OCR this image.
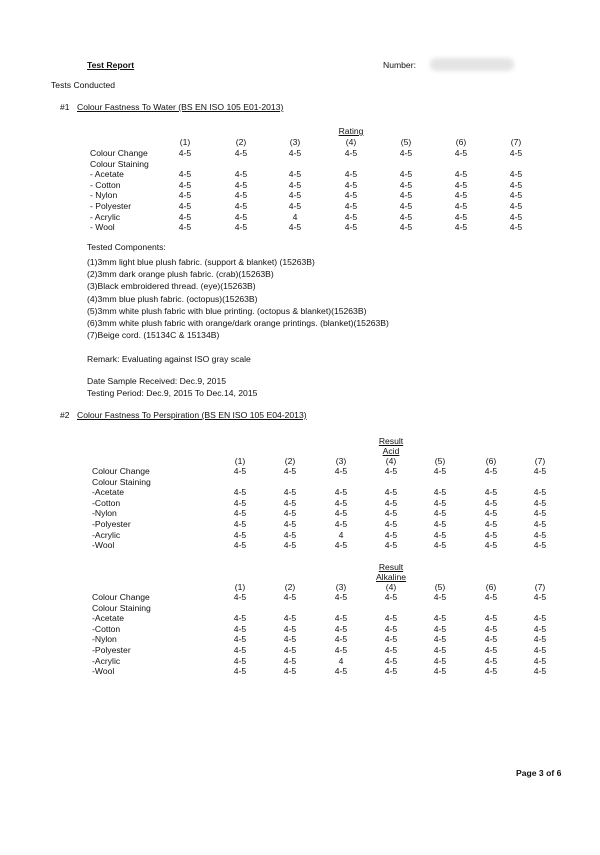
Test Report	Number:
Tests Conducted
#1 Colour Fastness To Water (BS EN ISO 105 E01-2013)
Rating
(1)	(2)	(3)	(4)	(5)	(6)	(7)
Colour Change	4-5	4-5	4-5	4-5	4-5	4-5	4-5
Colour Staining
- Acetate	4-5	4-5	4-5	4-5	4-5	4-5	4-5
- Cotton	4-5	4-5	4-5	4-5	4-5	4-5	4-5
- Nylon	4-5	4-5	4-5	4-5	4-5	4-5	4-5
- Polyester	4-5	4-5	4-5	4-5	4-5	4-5	4-5
- Acrylic	4-5	4-5	4	4-5	4-5	4-5	4-5
- Wool	4-5	4-5	4-5	4-5	4-5	4-5	4-5
Tested Components:
(1)3mm light blue plush fabric. (support & blanket) (15263B)
(2)3mm dark orange plush fabric. (crab)(15263B)
(3)Black embroidered thread. (eye)(15263B)
(4)3mm blue plush fabric. (octopus)(15263B)
(5)3mm white plush fabric with blue printing. (octopus & blanket)(15263B)
(6)3mm white plush fabric with orange/dark orange printings. (blanket)(15263B)
(7)Beige cord. (15134C & 15134B)
Remark: Evaluating against ISO gray scale
Date Sample Received: Dec.9, 2015
Testing Period: Dec.9, 2015 To Dec.14, 2015
#2 Colour Fastness To Perspiration (BS EN ISO 105 E04-2013)
Result
Acid
(1)	(2)	(3)	(4)	(5)	(6)	(7)
Colour Change	4-5	4-5	4-5	4-5	4-5	4-5	4-5
Colour Staining
-Acetate	4-5	4-5	4-5	4-5	4-5	4-5	4-5
-Cotton	4-5	4-5	4-5	4-5	4-5	4-5	4-5
-Nylon	4-5	4-5	4-5	4-5	4-5	4-5	4-5
-Polyester	4-5	4-5	4-5	4-5	4-5	4-5	4-5
-Acrylic	4-5	4-5	4	4-5	4-5	4-5	4-5
-Wool	4-5	4-5	4-5	4-5	4-5	4-5	4-5
Result
Alkaline
(1)	(2)	(3)	(4)	(5)	(6)	(7)
Colour Change	4-5	4-5	4-5	4-5	4-5	4-5	4-5
Colour Staining
-Acetate	4-5	4-5	4-5	4-5	4-5	4-5	4-5
-Cotton	4-5	4-5	4-5	4-5	4-5	4-5	4-5
-Nylon	4-5	4-5	4-5	4-5	4-5	4-5	4-5
-Polyester	4-5	4-5	4-5	4-5	4-5	4-5	4-5
-Acrylic	4-5	4-5	4	4-5	4-5	4-5	4-5
-Wool	4-5	4-5	4-5	4-5	4-5	4-5	4-5
Page 3 of 6
